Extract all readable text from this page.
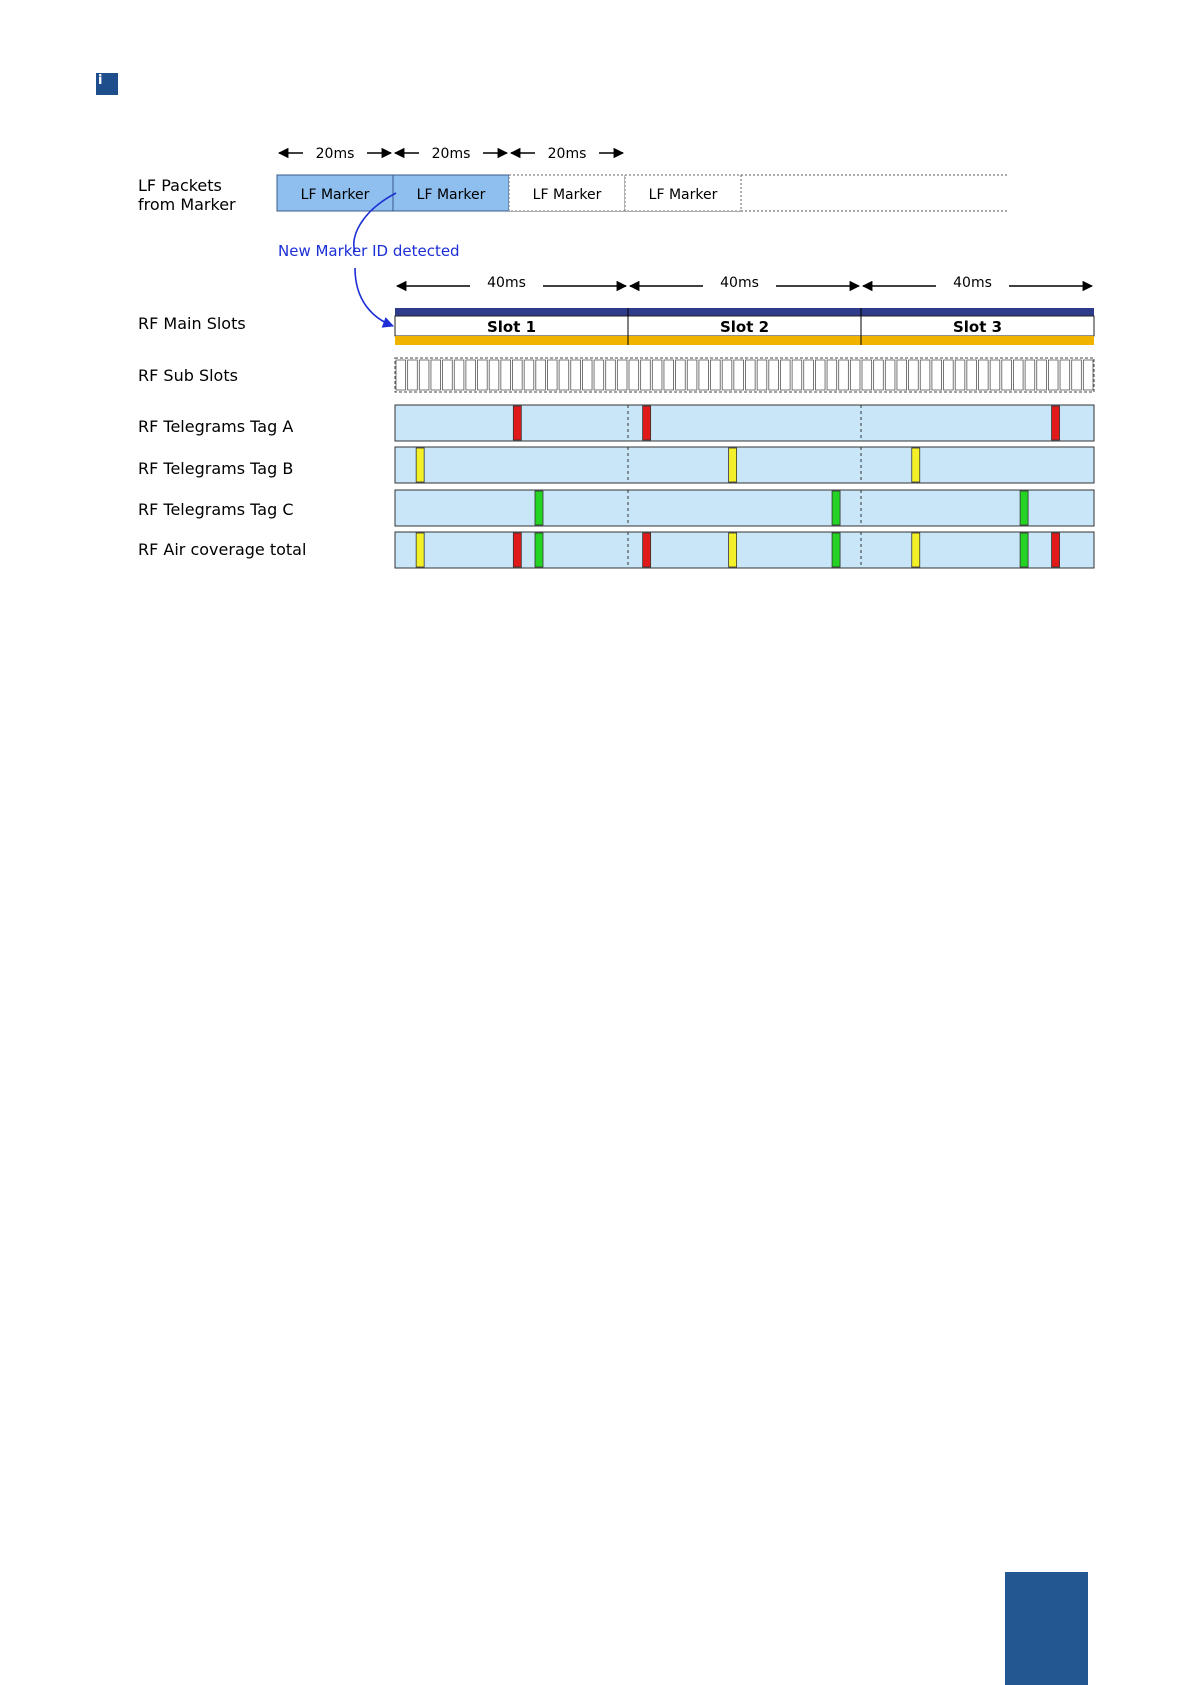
i
LF Packets
from Marker
20ms	20ms	20ms
LF Marker	LF Marker	LF Marker	LF Marker
New Marker ID detected
40ms	40ms	40ms
RF Main Slots
RF Sub Slots
RF Telegrams Tag A
RF Telegrams Tag B
RF Telegrams Tag C
RF Air coverage total
Slot 1	Slot 2	Slot 3
